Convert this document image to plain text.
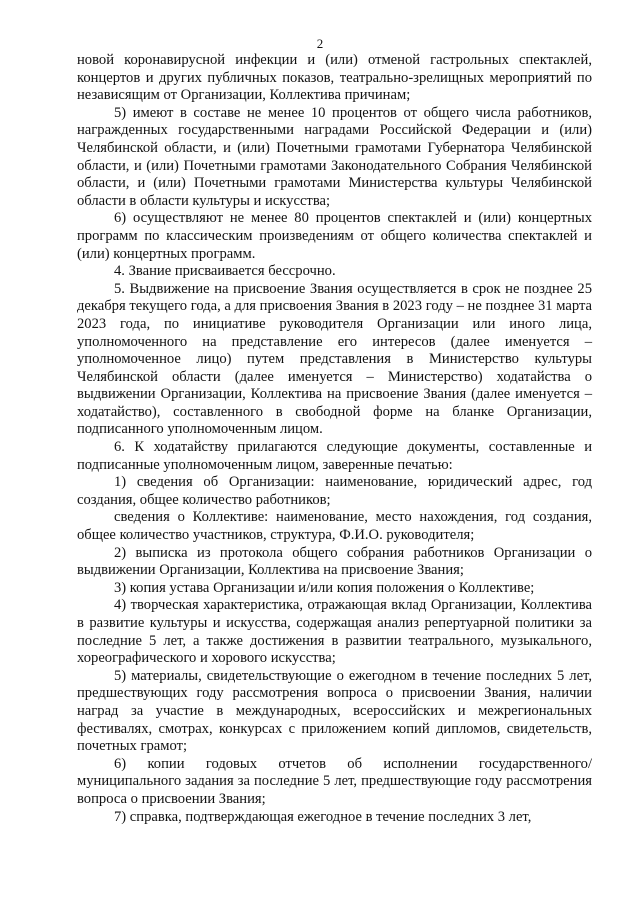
2

новой коронавирусной инфекции и (или) отменой гастрольных спектаклей, концертов и других публичных показов, театрально-зрелищных мероприятий по независящим от Организации, Коллектива причинам;

5) имеют в составе не менее 10 процентов от общего числа работников, награжденных государственными наградами Российской Федерации и (или) Челябинской области, и (или) Почетными грамотами Губернатора Челябинской области, и (или) Почетными грамотами Законодательного Собрания Челябинской области, и (или) Почетными грамотами Министерства культуры Челябинской области в области культуры и искусства;

6) осуществляют не менее 80 процентов спектаклей и (или) концертных программ по классическим произведениям от общего количества спектаклей и (или) концертных программ.

4. Звание присваивается бессрочно.

5. Выдвижение на присвоение Звания осуществляется в срок не позднее 25 декабря текущего года, а для присвоения Звания в 2023 году – не позднее 31 марта 2023 года, по инициативе руководителя Организации или иного лица, уполномоченного на представление его интересов (далее именуется – уполномоченное лицо) путем представления в Министерство культуры Челябинской области (далее именуется – Министерство) ходатайства о выдвижении Организации, Коллектива на присвоение Звания (далее именуется – ходатайство), составленного в свободной форме на бланке Организации, подписанного уполномоченным лицом.

6. К ходатайству прилагаются следующие документы, составленные и подписанные уполномоченным лицом, заверенные печатью:

1) сведения об Организации: наименование, юридический адрес, год создания, общее количество работников;

сведения о Коллективе: наименование, место нахождения, год создания, общее количество участников, структура, Ф.И.О. руководителя;

2) выписка из протокола общего собрания работников Организации о выдвижении Организации, Коллектива на присвоение Звания;

3) копия устава Организации и/или копия положения о Коллективе;

4) творческая характеристика, отражающая вклад Организации, Коллектива в развитие культуры и искусства, содержащая анализ репертуарной политики за последние 5 лет, а также достижения в развитии театрального, музыкального, хореографического и хорового искусства;

5) материалы, свидетельствующие о ежегодном в течение последних 5 лет, предшествующих году рассмотрения вопроса о присвоении Звания, наличии наград за участие в международных, всероссийских и межрегиональных фестивалях, смотрах, конкурсах с приложением копий дипломов, свидетельств, почетных грамот;

6) копии годовых отчетов об исполнении государственного/ муниципального задания за последние 5 лет, предшествующие году рассмотрения вопроса о присвоении Звания;

7) справка, подтверждающая ежегодное в течение последних 3 лет,
